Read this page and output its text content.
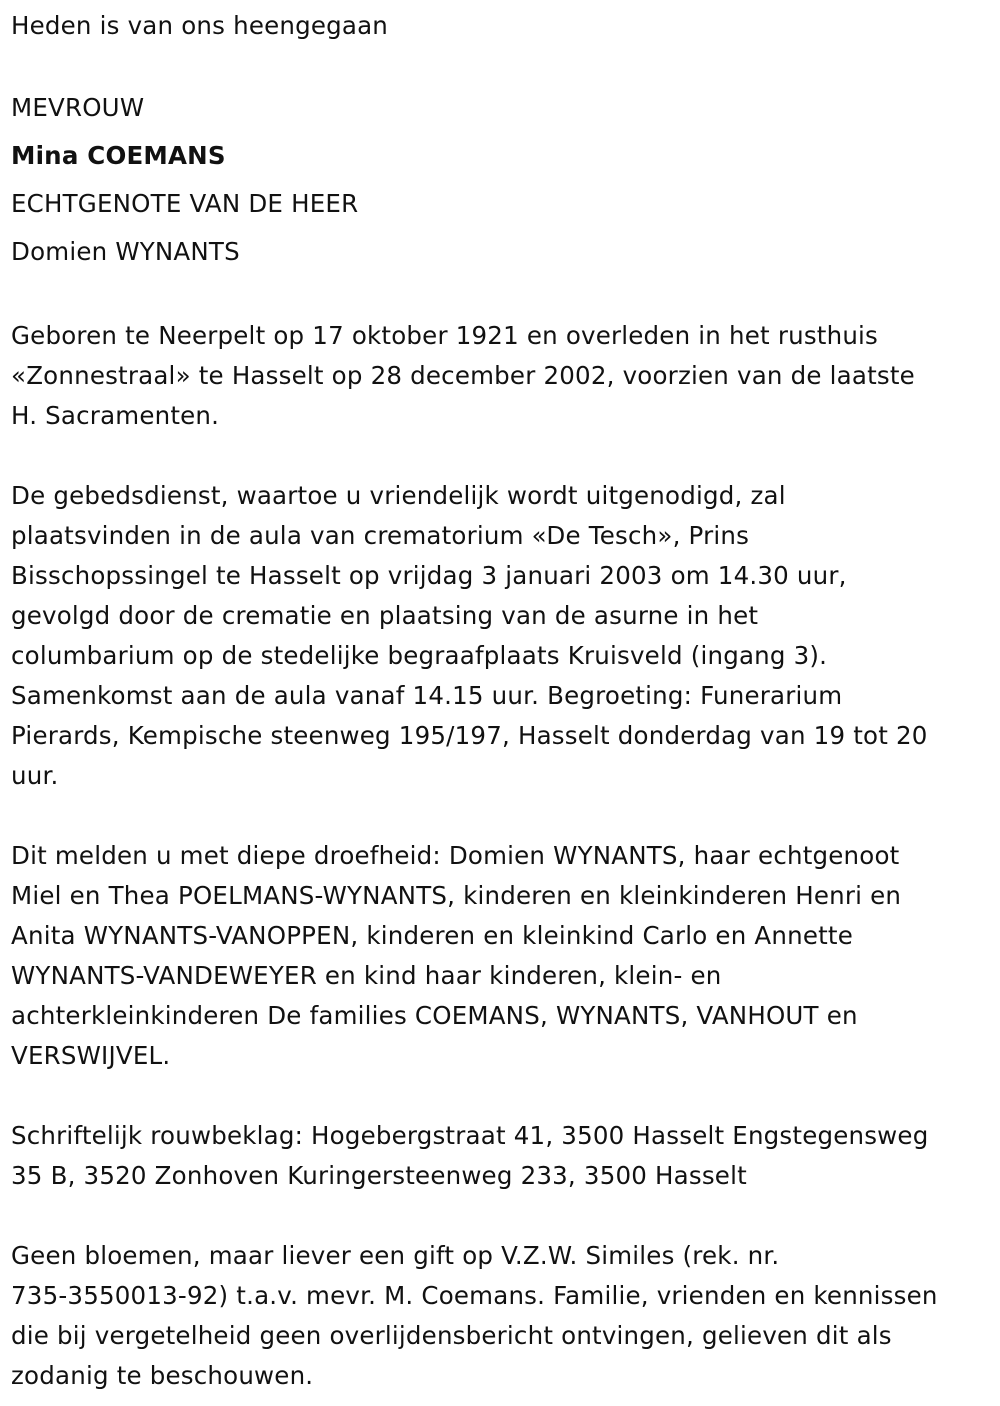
Heden is van ons heengegaan
MEVROUW
Mina COEMANS
ECHTGENOTE VAN DE HEER
Domien WYNANTS
Geboren te Neerpelt op 17 oktober 1921 en overleden in het rusthuis
«Zonnestraal» te Hasselt op 28 december 2002, voorzien van de laatste
H. Sacramenten.
De gebedsdienst, waartoe u vriendelijk wordt uitgenodigd, zal
plaatsvinden in de aula van crematorium «De Tesch», Prins
Bisschopssingel te Hasselt op vrijdag 3 januari 2003 om 14.30 uur,
gevolgd door de crematie en plaatsing van de asurne in het
columbarium op de stedelijke begraafplaats Kruisveld (ingang 3).
Samenkomst aan de aula vanaf 14.15 uur. Begroeting: Funerarium
Pierards, Kempische steenweg 195/197, Hasselt donderdag van 19 tot 20
uur.
Dit melden u met diepe droefheid: Domien WYNANTS, haar echtgenoot
Miel en Thea POELMANS-WYNANTS, kinderen en kleinkinderen Henri en
Anita WYNANTS-VANOPPEN, kinderen en kleinkind Carlo en Annette
WYNANTS-VANDEWEYER en kind haar kinderen, klein- en
achterkleinkinderen De families COEMANS, WYNANTS, VANHOUT en
VERSWIJVEL.
Schriftelijk rouwbeklag: Hogebergstraat 41, 3500 Hasselt Engstegensweg
35 B, 3520 Zonhoven Kuringersteenweg 233, 3500 Hasselt
Geen bloemen, maar liever een gift op V.Z.W. Similes (rek. nr.
735-3550013-92) t.a.v. mevr. M. Coemans. Familie, vrienden en kennissen
die bij vergetelheid geen overlijdensbericht ontvingen, gelieven dit als
zodanig te beschouwen.
